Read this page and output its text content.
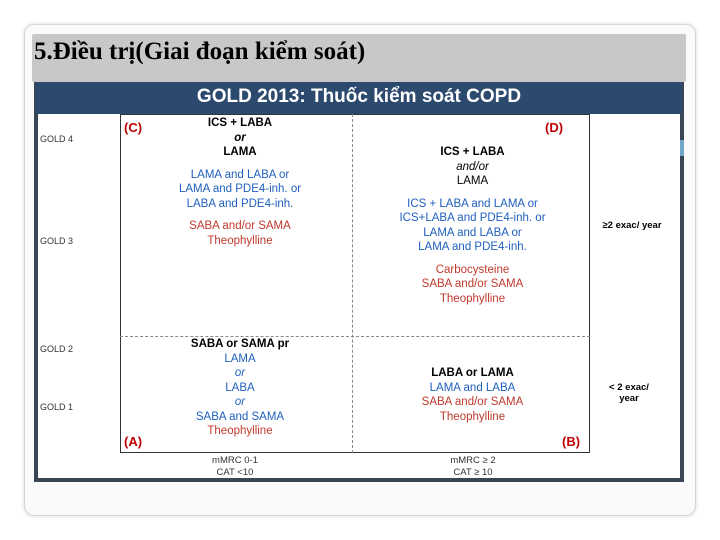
5.Điều trị(Giai đoạn kiểm soát)
GOLD 2013: Thuốc kiểm soát COPD
GOLD 4
GOLD 3
GOLD 2
GOLD 1
(C)	(D)
(A)	(B)
ICS + LABA
or
LAMA
LAMA and LABA or
LAMA and PDE4-inh. or
LABA and PDE4-inh.
SABA and/or SAMA
Theophylline
ICS + LABA
and/or
LAMA
ICS + LABA and LAMA or
ICS+LABA and PDE4-inh. or
LAMA and LABA or
LAMA and PDE4-inh.
Carbocysteine
SABA and/or SAMA
Theophylline
SABA or SAMA pr
LAMA
or
LABA
or
SABA and SAMA
Theophylline
LABA or LAMA
LAMA and LABA
SABA and/or SAMA
Theophylline
≥2 exac/ year
< 2 exac/ year
mMRC 0-1
CAT <10
mMRC ≥ 2
CAT ≥ 10
